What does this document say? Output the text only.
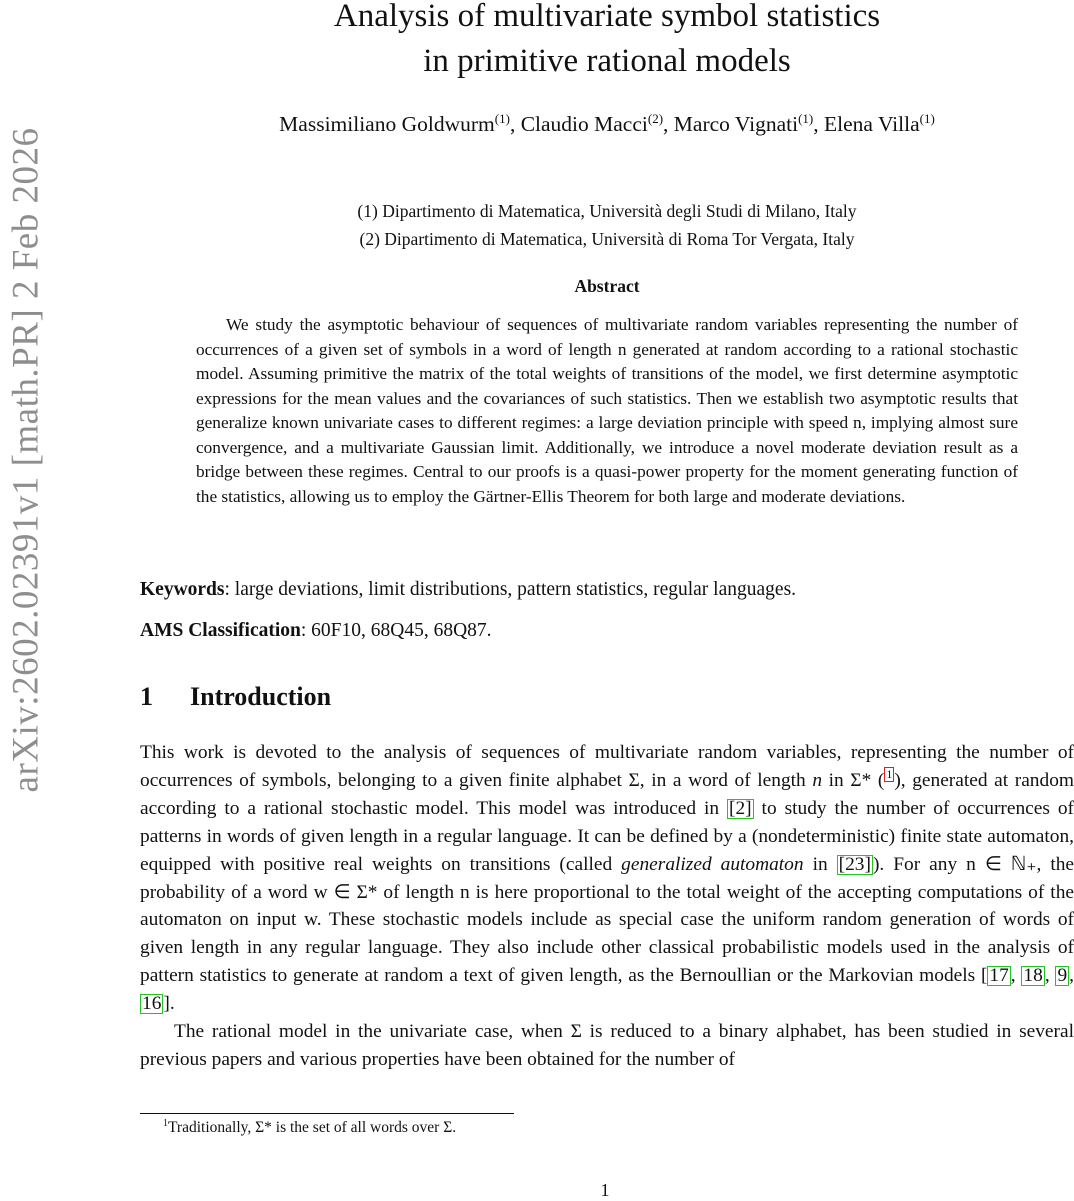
arXiv:2602.02391v1 [math.PR] 2 Feb 2026
Analysis of multivariate symbol statistics
in primitive rational models
Massimiliano Goldwurm$^{(1)}$, Claudio Macci$^{(2)}$, Marco Vignati$^{(1)}$, Elena Villa$^{(1)}$
(1) Dipartimento di Matematica, Università degli Studi di Milano, Italy
(2) Dipartimento di Matematica, Università di Roma Tor Vergata, Italy
Abstract
We study the asymptotic behaviour of sequences of multivariate random variables representing the number of occurrences of a given set of symbols in a word of length n generated at random according to a rational stochastic model. Assuming primitive the matrix of the total weights of transitions of the model, we first determine asymptotic expressions for the mean values and the covariances of such statistics. Then we establish two asymptotic results that generalize known univariate cases to different regimes: a large deviation principle with speed n, implying almost sure convergence, and a multivariate Gaussian limit. Additionally, we introduce a novel moderate deviation result as a bridge between these regimes. Central to our proofs is a quasi-power property for the moment generating function of the statistics, allowing us to employ the Gärtner-Ellis Theorem for both large and moderate deviations.
Keywords: large deviations, limit distributions, pattern statistics, regular languages.
AMS Classification: 60F10, 68Q45, 68Q87.
1 Introduction

This work is devoted to the analysis of sequences of multivariate random variables, representing the number of occurrences of symbols, belonging to a given finite alphabet Σ, in a word of length n in Σ* ( 1 ), generated at random according to a rational stochastic model. This model was introduced in [2] to study the number of occurrences of patterns in words of given length in a regular language. It can be defined by a (nondeterministic) finite state automaton, equipped with positive real weights on transitions (called generalized automaton in [23] ). For any n ∈ ℕ₊, the probability of a word w ∈ Σ* of length n is here proportional to the total weight of the accepting computations of the automaton on input w. These stochastic models include as special case the uniform random generation of words of given length in any regular language. They also include other classical probabilistic models used in the analysis of pattern statistics to generate at random a text of given length, as the Bernoullian or the Markovian models [ 17 , 18 , 9 , 16 ].

The rational model in the univariate case, when Σ is reduced to a binary alphabet, has been studied in several previous papers and various properties have been obtained for the number of

$^1$Traditionally, Σ* is the set of all words over Σ.
1
